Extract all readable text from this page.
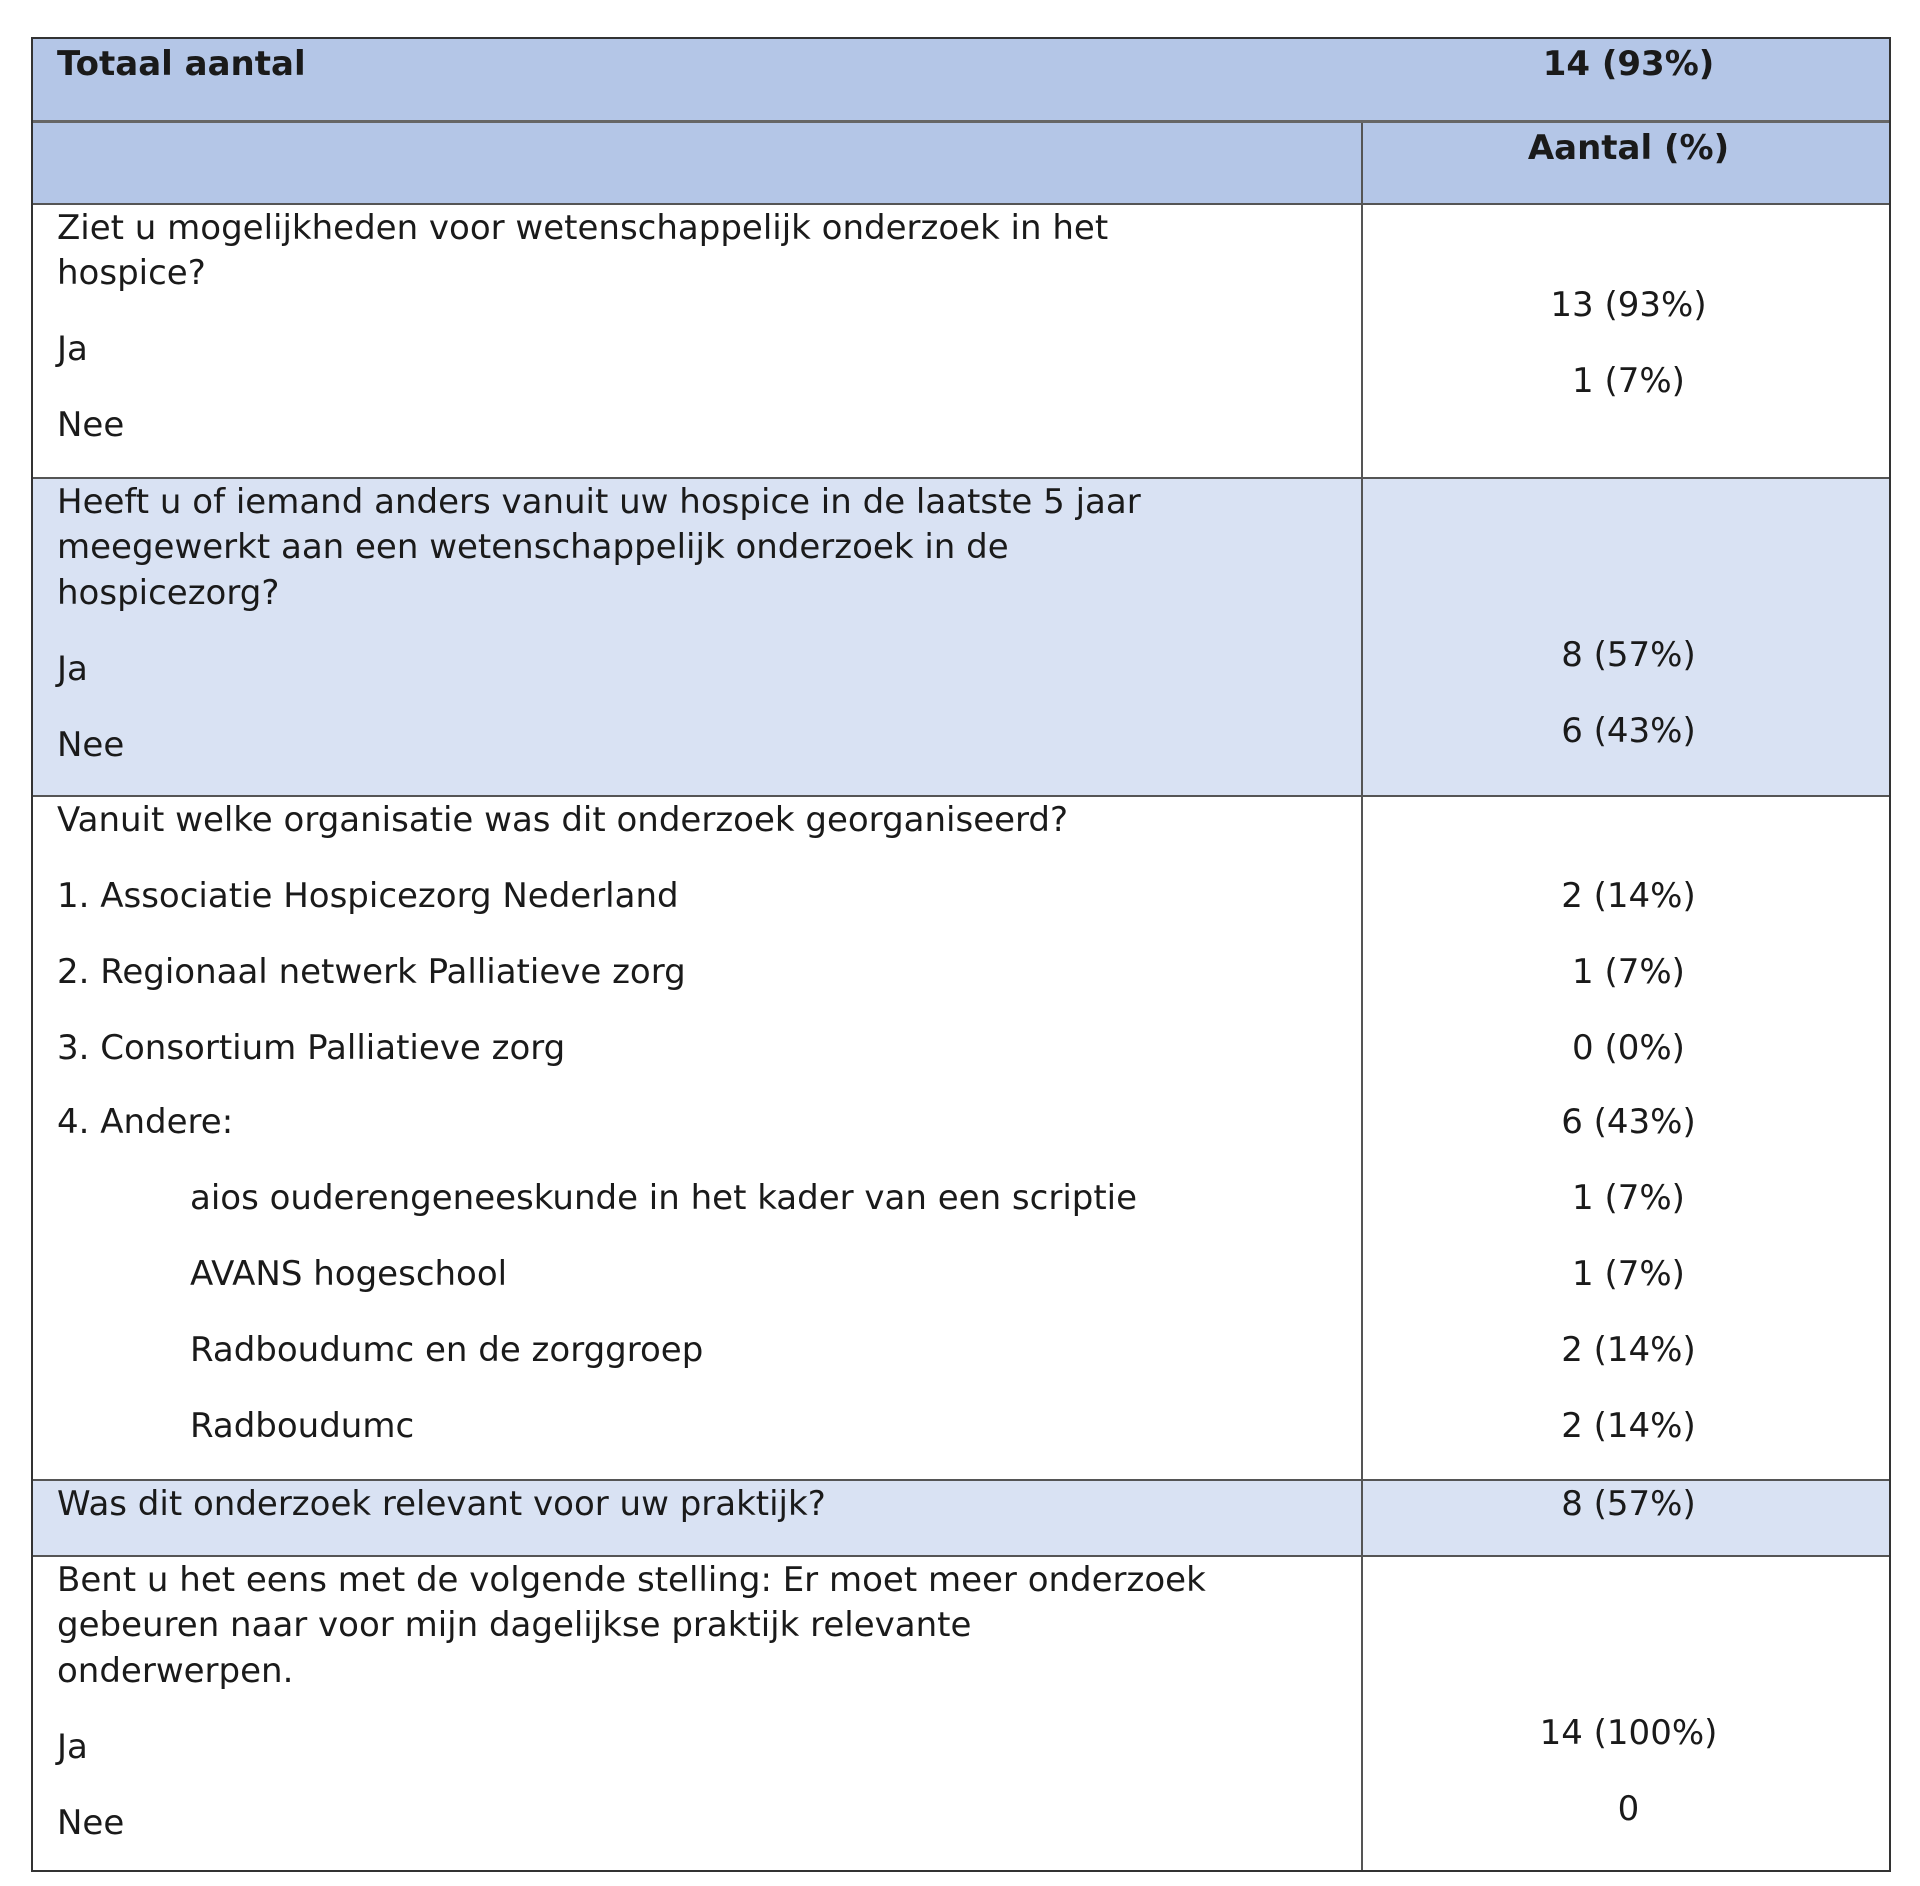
Totaal aantal	14 (93%)
Aantal (%)
Ziet u mogelijkheden voor wetenschappelijk onderzoek in het
hospice?
Ja
Nee
13 (93%)
1 (7%)
Heeft u of iemand anders vanuit uw hospice in de laatste 5 jaar
meegewerkt aan een wetenschappelijk onderzoek in de
hospicezorg?
Ja
Nee
8 (57%)
6 (43%)
Vanuit welke organisatie was dit onderzoek georganiseerd?
1. Associatie Hospicezorg Nederland
2. Regionaal netwerk Palliatieve zorg
3. Consortium Palliatieve zorg
4. Andere:
aios ouderengeneeskunde in het kader van een scriptie
AVANS hogeschool
Radboudumc en de zorggroep
Radboudumc
2 (14%)
1 (7%)
0 (0%)
6 (43%)
1 (7%)
1 (7%)
2 (14%)
2 (14%)
Was dit onderzoek relevant voor uw praktijk?	8 (57%)
Bent u het eens met de volgende stelling: Er moet meer onderzoek
gebeuren naar voor mijn dagelijkse praktijk relevante
onderwerpen.
Ja
Nee
14 (100%)
0
